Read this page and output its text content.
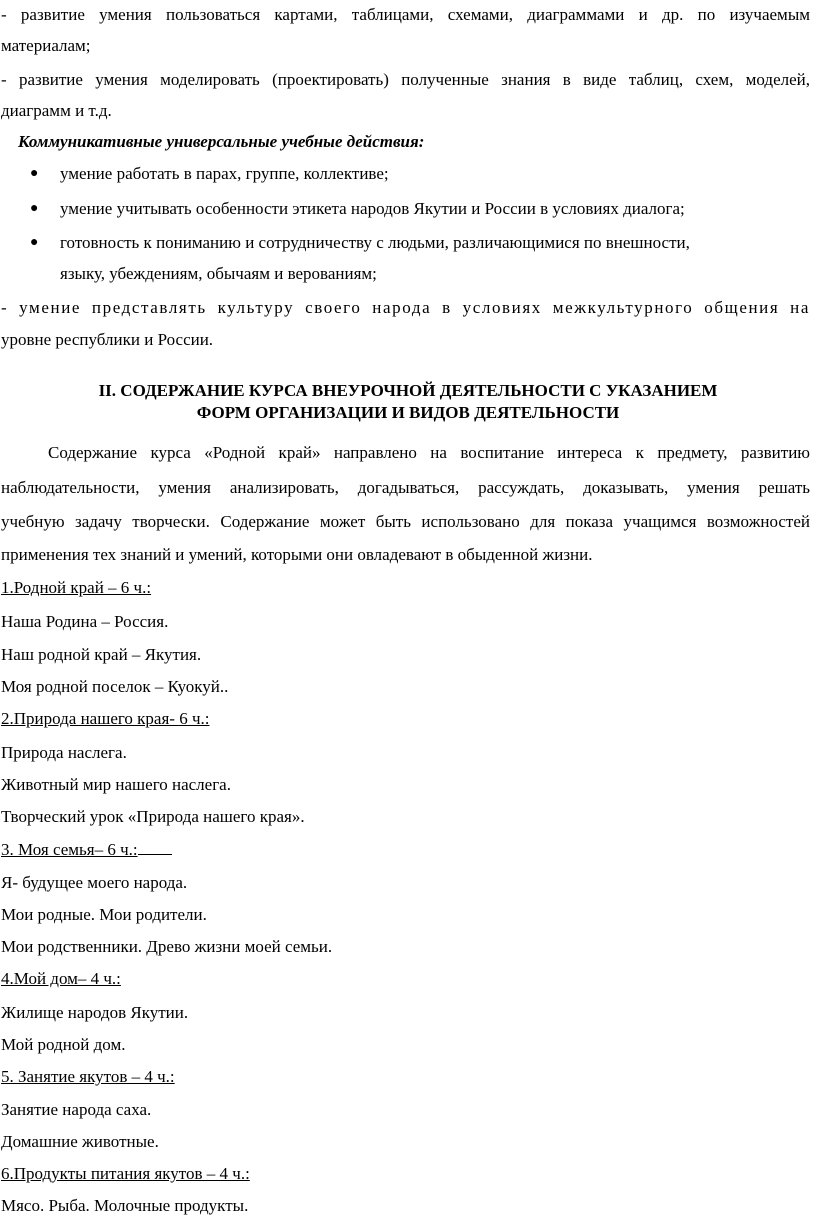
- развитие умения пользоваться картами, таблицами, схемами, диаграммами и др. по изучаемым
материалам;
- развитие умения моделировать (проектировать) полученные знания в виде таблиц, схем, моделей,
диаграмм и т.д.
Коммуникативные универсальные учебные действия:
● умение работать в парах, группе, коллективе;
● умение учитывать особенности этикета народов Якутии и России в условиях диалога;
● готовность к пониманию и сотрудничеству с людьми, различающимися по внешности,
языку, убеждениям, обычаям и верованиям;
- умение представлять культуру своего народа в условиях межкультурного общения на
уровне республики и России.
II. СОДЕРЖАНИЕ КУРСА ВНЕУРОЧНОЙ ДЕЯТЕЛЬНОСТИ С УКАЗАНИЕМ
ФОРМ ОРГАНИЗАЦИИ И ВИДОВ ДЕЯТЕЛЬНОСТИ
Содержание курса «Родной край» направлено на воспитание интереса к предмету, развитию
наблюдательности, умения анализировать, догадываться, рассуждать, доказывать, умения решать
учебную задачу творчески. Содержание может быть использовано для показа учащимся возможностей
применения тех знаний и умений, которыми они овладевают в обыденной жизни.
1.Родной край – 6 ч.:
Наша Родина – Россия.
Наш родной край – Якутия.
Моя родной поселок – Куокуй..
2.Природа нашего края- 6 ч.:
Природа наслега.
Животный мир нашего наслега.
Творческий урок «Природа нашего края».
3. Моя семья– 6 ч.:
Я- будущее моего народа.
Мои родные. Мои родители.
Мои родственники. Древо жизни моей семьи.
4.Мой дом– 4 ч.:
Жилище народов Якутии.
Мой родной дом.
5. Занятие якутов – 4 ч.:
Занятие народа саха.
Домашние животные.
6.Продукты питания якутов – 4 ч.:
Мясо. Рыба. Молочные продукты.
